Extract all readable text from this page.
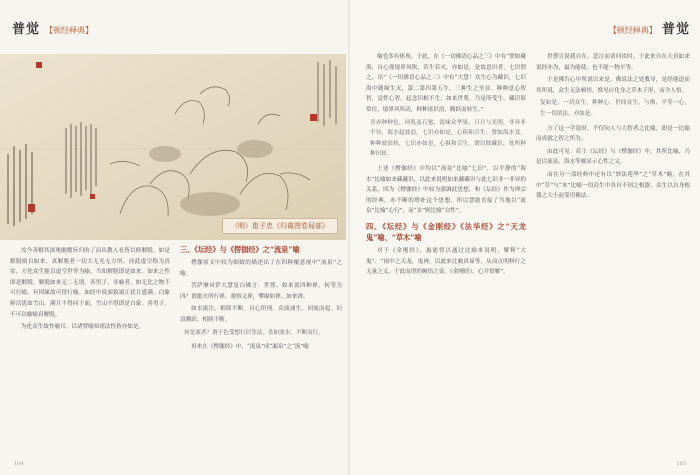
普觉 【顿经释典】
（明）崔子忠《归禽图卷局部》

汝今善解其深奥幽微旨归的了而出教人看皆以修解脱。如是解脱则自如来。真解脱者一切大无光无方所。而此虚空称为真实。方化众生能以虚空世等为喻。当知解脱即是如来。如来之性即是解脱。解脱如来无二无别。善男子。非喻者。如无比之物不可行喻。有因缘故可得行喻。如经中说面貌端正犹月盛满。白象鲜洁犹如雪山。满月不得同于面。雪山不得即是白象。善男子。不可以喻喻真解脱。

为化众生故作喻耳。以诸譬喻知诸法性皆亦如是。

三、《坛经》与《楞伽经》之“流泉”喻

楞伽原文中较为细致的描述出了在四种覆意视中“流泉”之喻。

菩萨摩诃萨大慧复白佛言：世尊。如来说四种禅。何等为四？谓愚夫所行禅、观察义禅、攀缘如禅、如来禅。

如水流注。相续不断。自心所现。众流涌生。因流而起。识浪腾跃。相续不断。

何是流者？谓于色受想行识等法。各如流水。不断而行。

再来在《楞伽经》中，“流泉”成“漏泉”之“流”喻

104
【顿经释典】 普觉

喻也多有体现，于此，在《一切佛语心品之三》中有“譬如藏海，自心现境界风吹，若生若灭，亦如是，是故意识者，七识谓之，出”《一切佛语心品之三》中有“大慧！众生心为藏识，七识海中随缘生灭，第二第四第五生，三种生之至显。种种意心智智，觉性心智，起念识相不生，如来世尊，乃是所受生。藏识海常住，境界风所动，种种诸识浪，腾跃而转生。”

青赤种种色，珂乳及石蜜，淡味众华果，日月与光明，非异非不异，海水起波浪，七识亦如是，心俱和合生。譬如海水变，种种波浪转，七识亦如是，心俱和合生。谓以彼藏识，处所种种识转。

上述《楞伽经》中均以“流泉”比喻“七识”，以平静的“海水”比喻如来藏藏识，以此来说明如来藏藏识与此七识非一非异的关系。因为《楞伽经》中较为强调此思想，和《坛经》作为禅宗的经典，亦不断的增补这个思想，所以慧能直接了当地以“流泉”比喻“心行”，而“水”则比喻“自性”。

四、《坛经》与《金刚经》《法华经》之“天龙鬼”喻、“草木”喻

对于《金刚经》，惠能曾以通过比喻来说明，解释“大鬼”、“雨中之天龙，鬼神，以此来比喻真谛等，从而点明修行之无量之义，于此而得的顿悟之说。《金刚经》，心开悟解”。

世尊宣说我自在，悲泣而请问汝时。于此来自在天真如来说经亦为，最为能使，也不能一物平等。

于是佛告心中所说以来是。佛说法之处教导，是经能道而其所说，众生无法顿悟，惟见应化身之草木于形，而令人悟。

复如是，一切众生，种种心，世间众生，与佛，平等一心，生一切诸法，亦如是。

方了这一学说时，不仅向人与大智者之比喻，即是一比喻而成就之智之所为。

由此可见：若于《坛经》与《楞伽经》中，其所比喻，乃是以流泉、海水等喻显示心性之义。

而在另一部经典中还有以“妙法莲华”之“草木”喻，在其中“草”与“木”比喻一切众生中各自不同之根器，众生以自身根器之大小而受用佛法。

105
